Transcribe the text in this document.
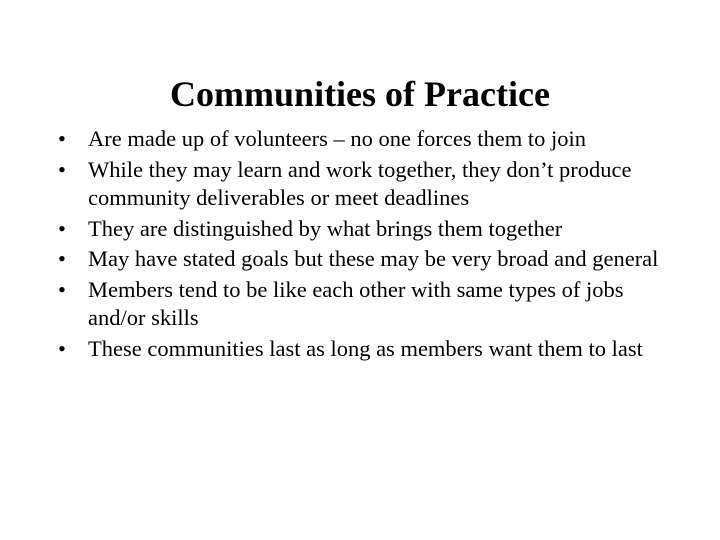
Communities of Practice
• Are made up of volunteers – no one forces them to join
• While they may learn and work together, they don’t produce community deliverables or meet deadlines
• They are distinguished by what brings them together
• May have stated goals but these may be very broad and general
• Members tend to be like each other with same types of jobs and/or skills
• These communities last as long as members want them to last
